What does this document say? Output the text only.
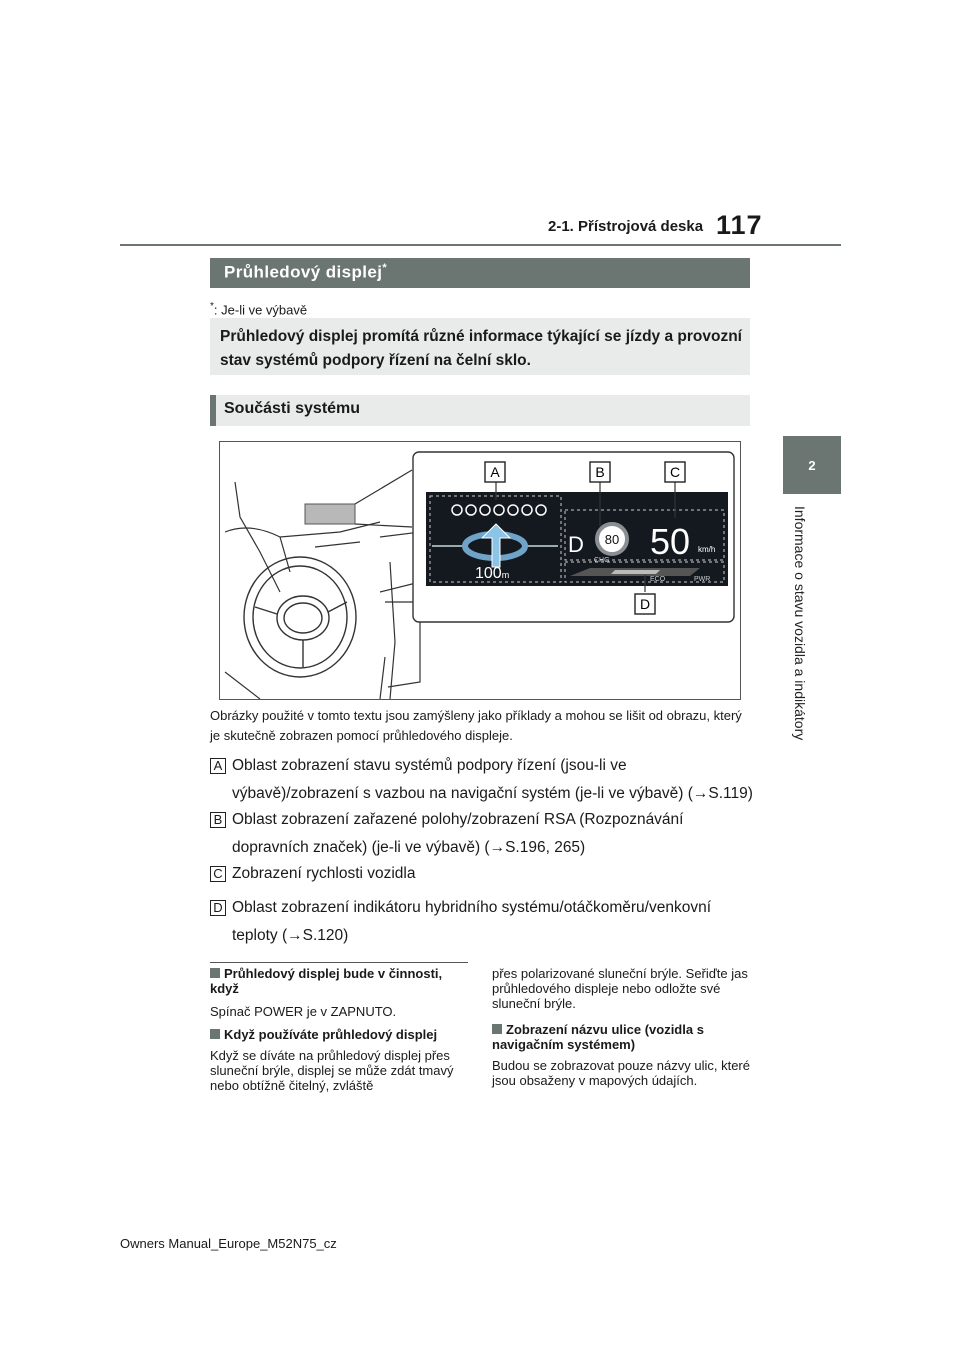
117
2-1. Přístrojová deska
2
Informace o stavu vozidla a indikátory
Průhledový displej*
*: Je-li ve výbavě
Průhledový displej promítá různé informace týkající se jízdy a provozní stav systémů podpory řízení na čelní sklo.
Součásti systému
100m
D 80
CHG 50 km/h
ECO	PWR
A	B	C
D
Obrázky použité v tomto textu jsou zamýšleny jako příklady a mohou se lišit od obrazu, který je skutečně zobrazen pomocí průhledového displeje.
A Oblast zobrazení stavu systémů podpory řízení (jsou-li ve výbavě)/zobrazení s vazbou na navigační systém (je-li ve výbavě) (→S.119)
B Oblast zobrazení zařazené polohy/zobrazení RSA (Rozpoznávání dopravních značek) (je-li ve výbavě) (→S.196, 265)
C Zobrazení rychlosti vozidla
D Oblast zobrazení indikátoru hybridního systému/otáčkoměru/venkovní teploty (→S.120)
Průhledový displej bude v činnosti, když
Spínač POWER je v ZAPNUTO.
Když používáte průhledový displej
Když se díváte na průhledový displej přes sluneční brýle, displej se může zdát tmavý nebo obtížně čitelný, zvláště
přes polarizované sluneční brýle. Seřiďte jas průhledového displeje nebo odložte své sluneční brýle.
Zobrazení názvu ulice (vozidla s navigačním systémem)
Budou se zobrazovat pouze názvy ulic, které jsou obsaženy v mapových údajích.
Owners Manual_Europe_M52N75_cz
